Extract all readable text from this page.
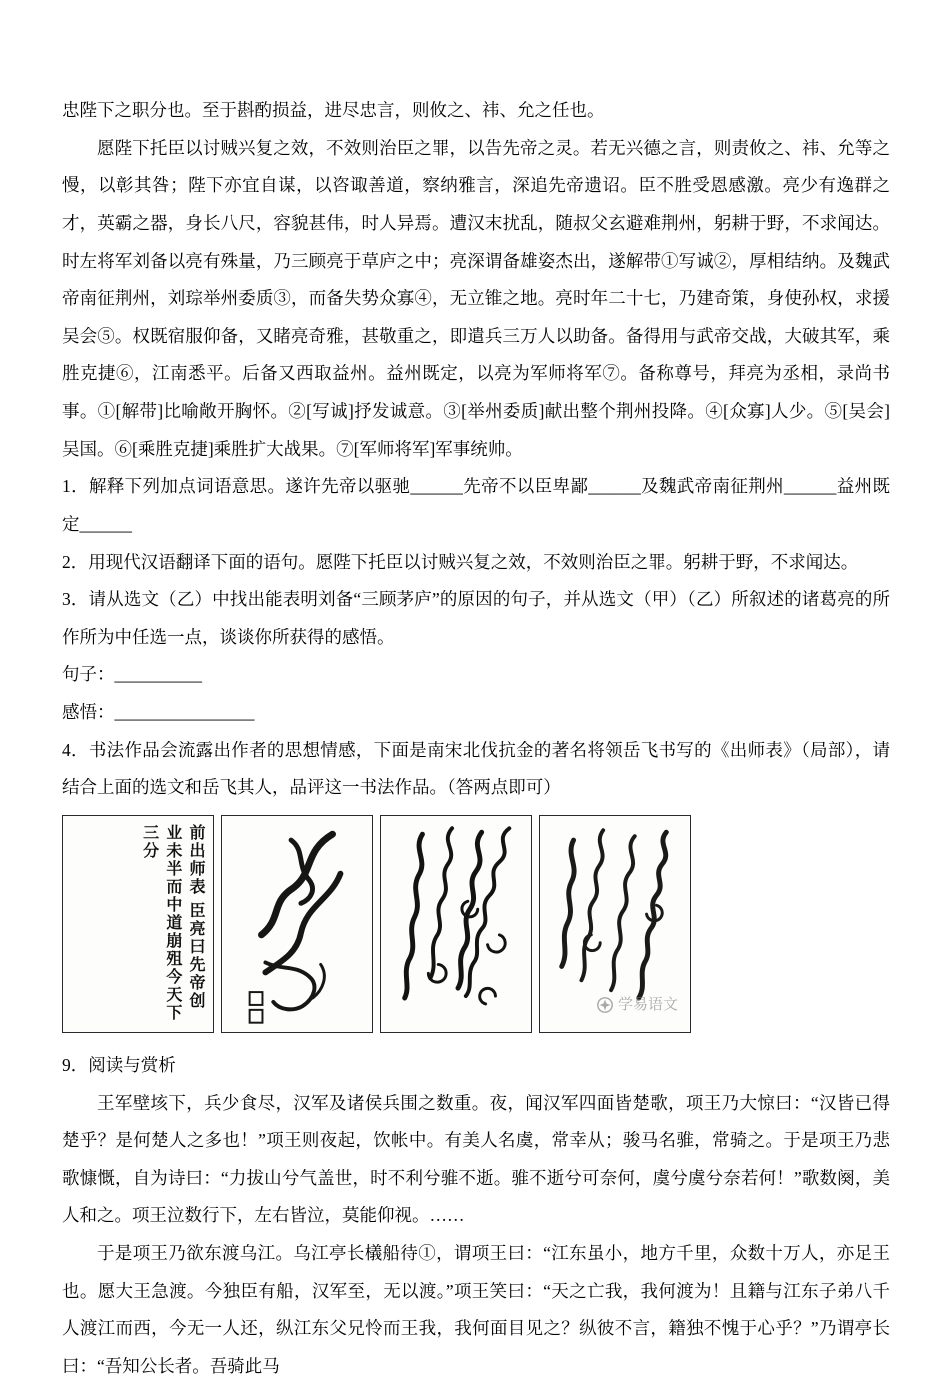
忠陛下之职分也。至于斟酌损益，进尽忠言，则攸之、祎、允之任也。

愿陛下托臣以讨贼兴复之效，不效则治臣之罪，以告先帝之灵。若无兴德之言，则责攸之、祎、允等之慢，以彰其咎；陛下亦宜自谋，以咨诹善道，察纳雅言，深追先帝遗诏。臣不胜受恩感激。亮少有逸群之才，英霸之器，身长八尺，容貌甚伟，时人异焉。遭汉末扰乱，随叔父玄避难荆州，躬耕于野，不求闻达。时左将军刘备以亮有殊量，乃三顾亮于草庐之中；亮深谓备雄姿杰出，遂解带①写诚②，厚相结纳。及魏武帝南征荆州，刘琮举州委质③，而备失势众寡④，无立锥之地。亮时年二十七，乃建奇策，身使孙权，求援吴会⑤。权既宿服仰备，又睹亮奇雅，甚敬重之，即遣兵三万人以助备。备得用与武帝交战，大破其军，乘胜克捷⑥，江南悉平。后备又西取益州。益州既定，以亮为军师将军⑦。备称尊号，拜亮为丞相，录尚书事。①[解带]比喻敞开胸怀。②[写诚]抒发诚意。③[举州委质]献出整个荆州投降。④[众寡]人少。⑤[吴会]吴国。⑥[乘胜克捷]乘胜扩大战果。⑦[军师将军]军事统帅。

1．解释下列加点词语意思。遂许先帝以驱驰______先帝不以臣卑鄙______及魏武帝南征荆州______益州既定______

2．用现代汉语翻译下面的语句。愿陛下托臣以讨贼兴复之效，不效则治臣之罪。躬耕于野，不求闻达。

3．请从选文（乙）中找出能表明刘备“三顾茅庐”的原因的句子，并从选文（甲）（乙）所叙述的诸葛亮的所作所为中任选一点，谈谈你所获得的感悟。

句子：__________

感悟：________________

4．书法作品会流露出作者的思想情感，下面是南宋北伐抗金的著名将领岳飞书写的《出师表》（局部），请结合上面的选文和岳飞其人，品评这一书法作品。（答两点即可）

前出师表 臣亮曰先帝创业未半而中道崩殂今天下三分
学易语文

9．阅读与赏析

王军壁垓下，兵少食尽，汉军及诸侯兵围之数重。夜，闻汉军四面皆楚歌，项王乃大惊曰：“汉皆已得楚乎？是何楚人之多也！”项王则夜起，饮帐中。有美人名虞，常幸从；骏马名骓，常骑之。于是项王乃悲歌慷慨，自为诗曰：“力拔山兮气盖世，时不利兮骓不逝。骓不逝兮可奈何，虞兮虞兮奈若何！”歌数阕，美人和之。项王泣数行下，左右皆泣，莫能仰视。……

于是项王乃欲东渡乌江。乌江亭长檥船待①，谓项王曰：“江东虽小，地方千里，众数十万人，亦足王也。愿大王急渡。今独臣有船，汉军至，无以渡。”项王笑曰：“天之亡我，我何渡为！且籍与江东子弟八千人渡江而西，今无一人还，纵江东父兄怜而王我，我何面目见之？纵彼不言，籍独不愧于心乎？”乃谓亭长曰：“吾知公长者。吾骑此马
